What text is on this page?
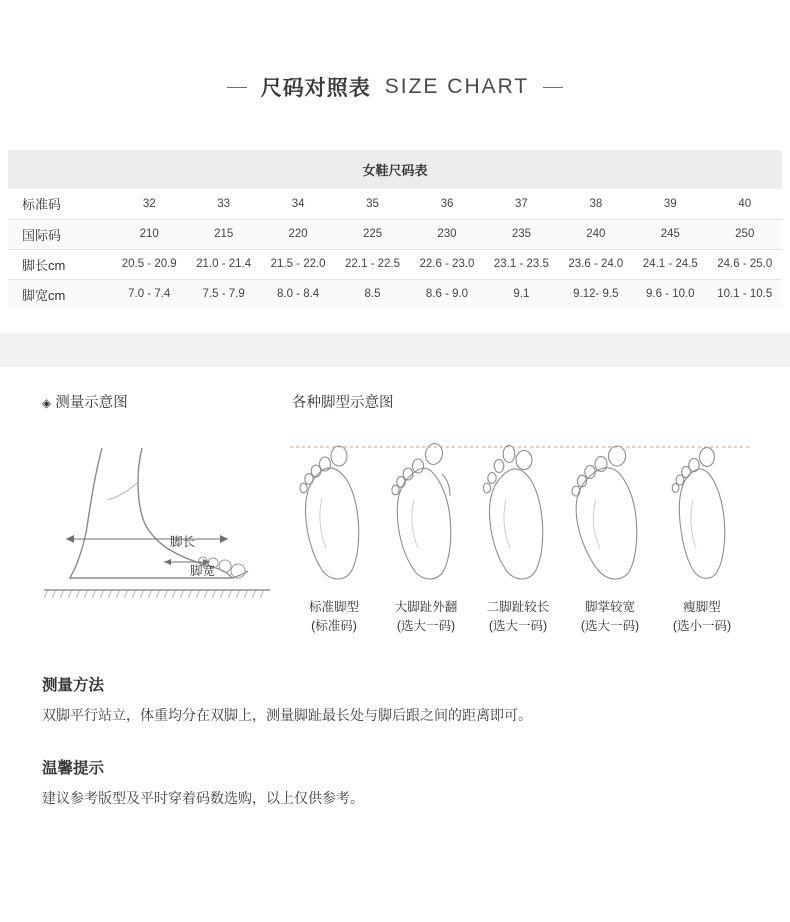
尺码对照表 SIZE CHART
女鞋尺码表
标准码	32	33	34	35	36	37	38	39	40
国际码	210	215	220	225	230	235	240	245	250
脚长cm	20.5 - 20.9	21.0 - 21.4	21.5 - 22.0	22.1 - 22.5	22.6 - 23.0	23.1 - 23.5	23.6 - 24.0	24.1 - 24.5	24.6 - 25.0
脚宽cm	7.0 - 7.4	7.5 - 7.9	8.0 - 8.4	8.5	8.6 - 9.0	9.1	9.12- 9.5	9.6 - 10.0	10.1 - 10.5
◈ 测量示意图	各种脚型示意图
脚长
脚宽
标准脚型
(标准码)
大脚趾外翻
(选大一码)
二脚趾较长
(选大一码)
脚掌较宽
(选大一码)
瘦脚型
(选小一码)
测量方法

双脚平行站立，体重均分在双脚上，测量脚趾最长处与脚后跟之间的距离即可。

温馨提示

建议参考版型及平时穿着码数选购，以上仅供参考。
